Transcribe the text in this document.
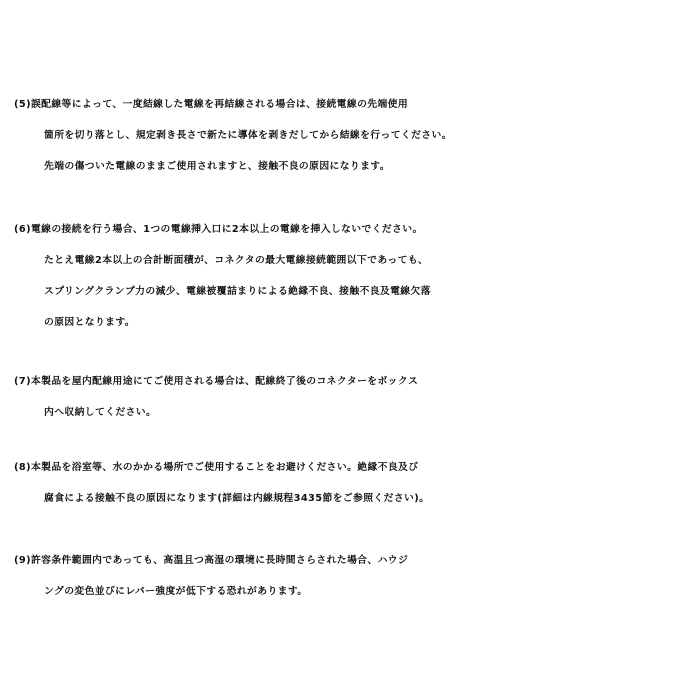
(5)誤配線等によって、一度結線した電線を再結線される場合は、接続電線の先端使用
箇所を切り落とし、規定剥き長さで新たに導体を剥きだしてから結線を行ってください。
先端の傷ついた電線のままご使用されますと、接触不良の原因になります。
(6)電線の接続を行う場合、1つの電線挿入口に2本以上の電線を挿入しないでください。
たとえ電線2本以上の合計断面積が、コネクタの最大電線接続範囲以下であっても、
スプリングクランプ力の減少、電線被覆詰まりによる絶縁不良、接触不良及電線欠落
の原因となります。
(7)本製品を屋内配線用途にてご使用される場合は、配線終了後のコネクターをボックス
内へ収納してください。
(8)本製品を浴室等、水のかかる場所でご使用することをお避けください。絶縁不良及び
腐食による接触不良の原因になります(詳細は内線規程3435節をご参照ください)。
(9)許容条件範囲内であっても、高温且つ高湿の環境に長時間さらされた場合、ハウジ
ングの変色並びにレバー強度が低下する恐れがあります。
